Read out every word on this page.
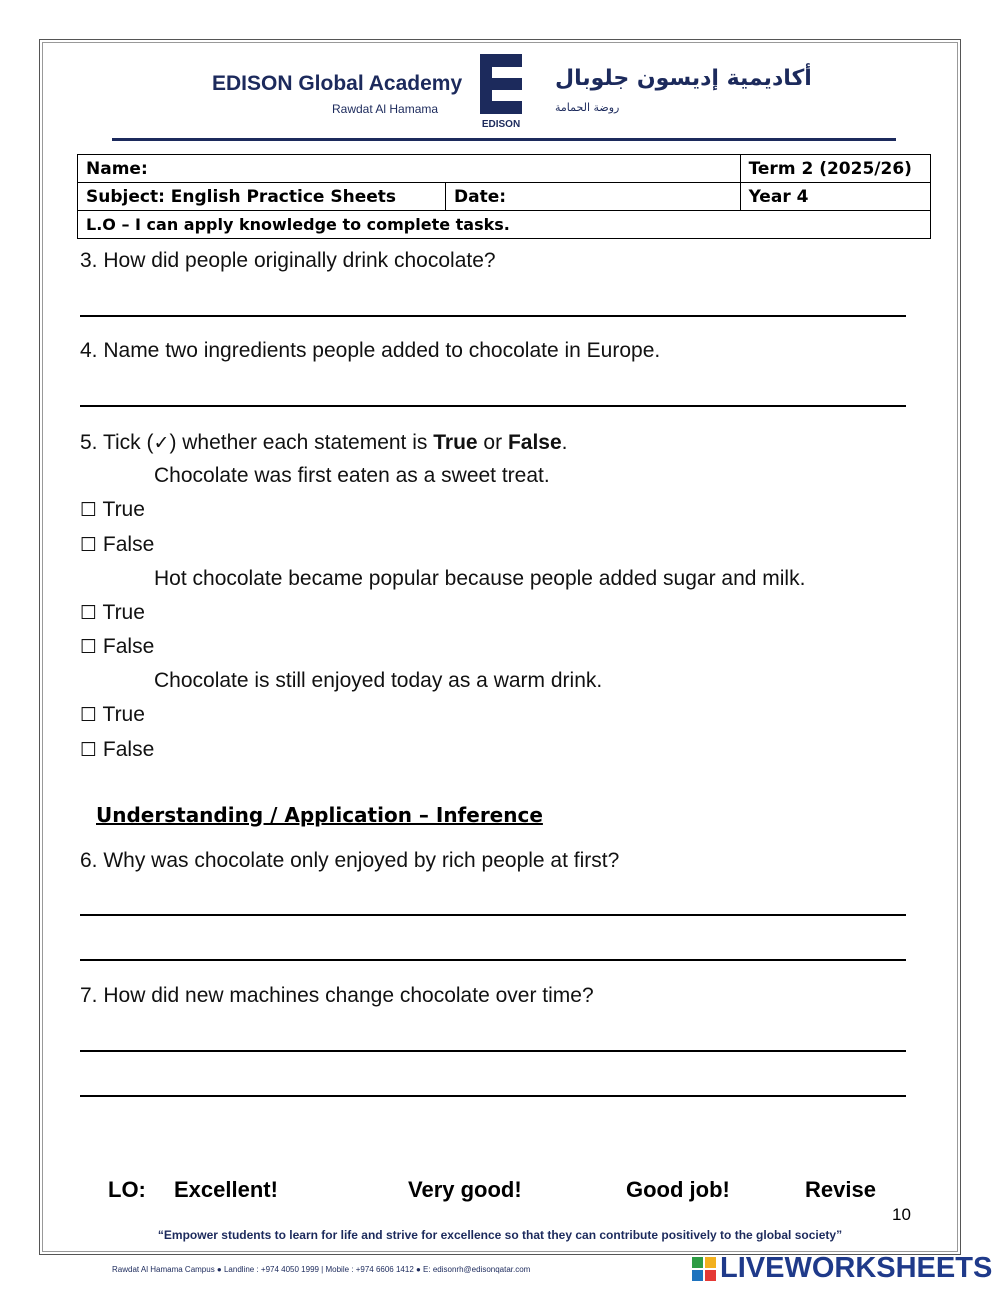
EDISON Global Academy
Rawdat Al Hamama
EDISON
أكاديمية إديسون جلوبال
روضة الحمامة
Name:		Term 2 (2025/26)
Subject: English Practice Sheets	Date:	Year 4
L.O – I can apply knowledge to complete tasks.		
3. How did people originally drink chocolate?
4. Name two ingredients people added to chocolate in Europe.
5. Tick (✓) whether each statement is True or False.
Chocolate was first eaten as a sweet treat.
☐ True
☐ False
Hot chocolate became popular because people added sugar and milk.
☐ True
☐ False
Chocolate is still enjoyed today as a warm drink.
☐ True
☐ False
Understanding / Application – Inference
6. Why was chocolate only enjoyed by rich people at first?
7. How did new machines change chocolate over time?
LO: Excellent!	Very good!	Good job!	Revise
10
“Empower students to learn for life and strive for excellence so that they can contribute positively to the global society”
Rawdat Al Hamama Campus ● Landline : +974 4050 1999 | Mobile : +974 6606 1412 ● E: edisonrh@edisonqatar.com	LIVEWORKSHEETS
